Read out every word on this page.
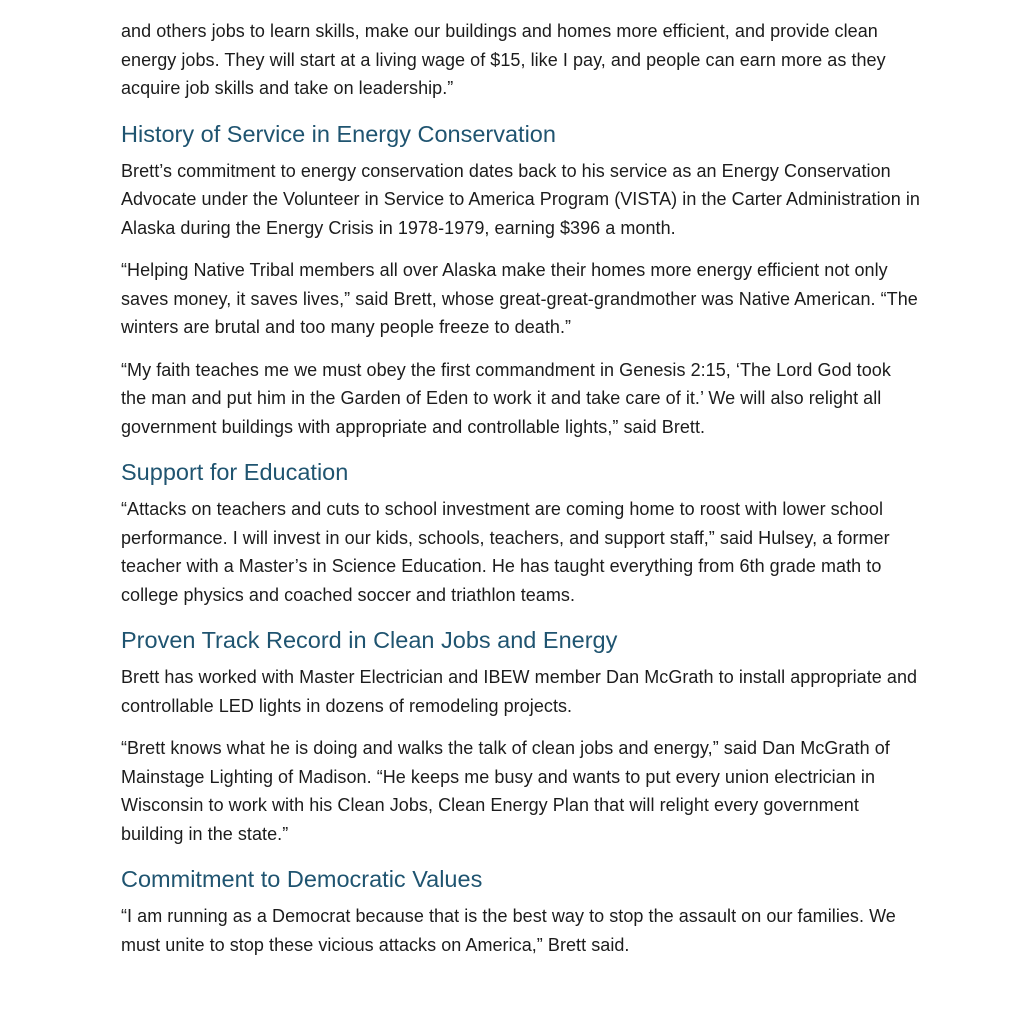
and others jobs to learn skills, make our buildings and homes more efficient, and provide clean energy jobs. They will start at a living wage of $15, like I pay, and people can earn more as they acquire job skills and take on leadership.”

History of Service in Energy Conservation

Brett’s commitment to energy conservation dates back to his service as an Energy Conservation Advocate under the Volunteer in Service to America Program (VISTA) in the Carter Administration in Alaska during the Energy Crisis in 1978-1979, earning $396 a month.

“Helping Native Tribal members all over Alaska make their homes more energy efficient not only saves money, it saves lives,” said Brett, whose great-great-grandmother was Native American. “The winters are brutal and too many people freeze to death.”

“My faith teaches me we must obey the first commandment in Genesis 2:15, ‘The Lord God took the man and put him in the Garden of Eden to work it and take care of it.’ We will also relight all government buildings with appropriate and controllable lights,” said Brett.

Support for Education

“Attacks on teachers and cuts to school investment are coming home to roost with lower school performance. I will invest in our kids, schools, teachers, and support staff,” said Hulsey, a former teacher with a Master’s in Science Education. He has taught everything from 6th grade math to college physics and coached soccer and triathlon teams.

Proven Track Record in Clean Jobs and Energy

Brett has worked with Master Electrician and IBEW member Dan McGrath to install appropriate and controllable LED lights in dozens of remodeling projects.

“Brett knows what he is doing and walks the talk of clean jobs and energy,” said Dan McGrath of Mainstage Lighting of Madison. “He keeps me busy and wants to put every union electrician in Wisconsin to work with his Clean Jobs, Clean Energy Plan that will relight every government building in the state.”

Commitment to Democratic Values

“I am running as a Democrat because that is the best way to stop the assault on our families. We must unite to stop these vicious attacks on America,” Brett said.
